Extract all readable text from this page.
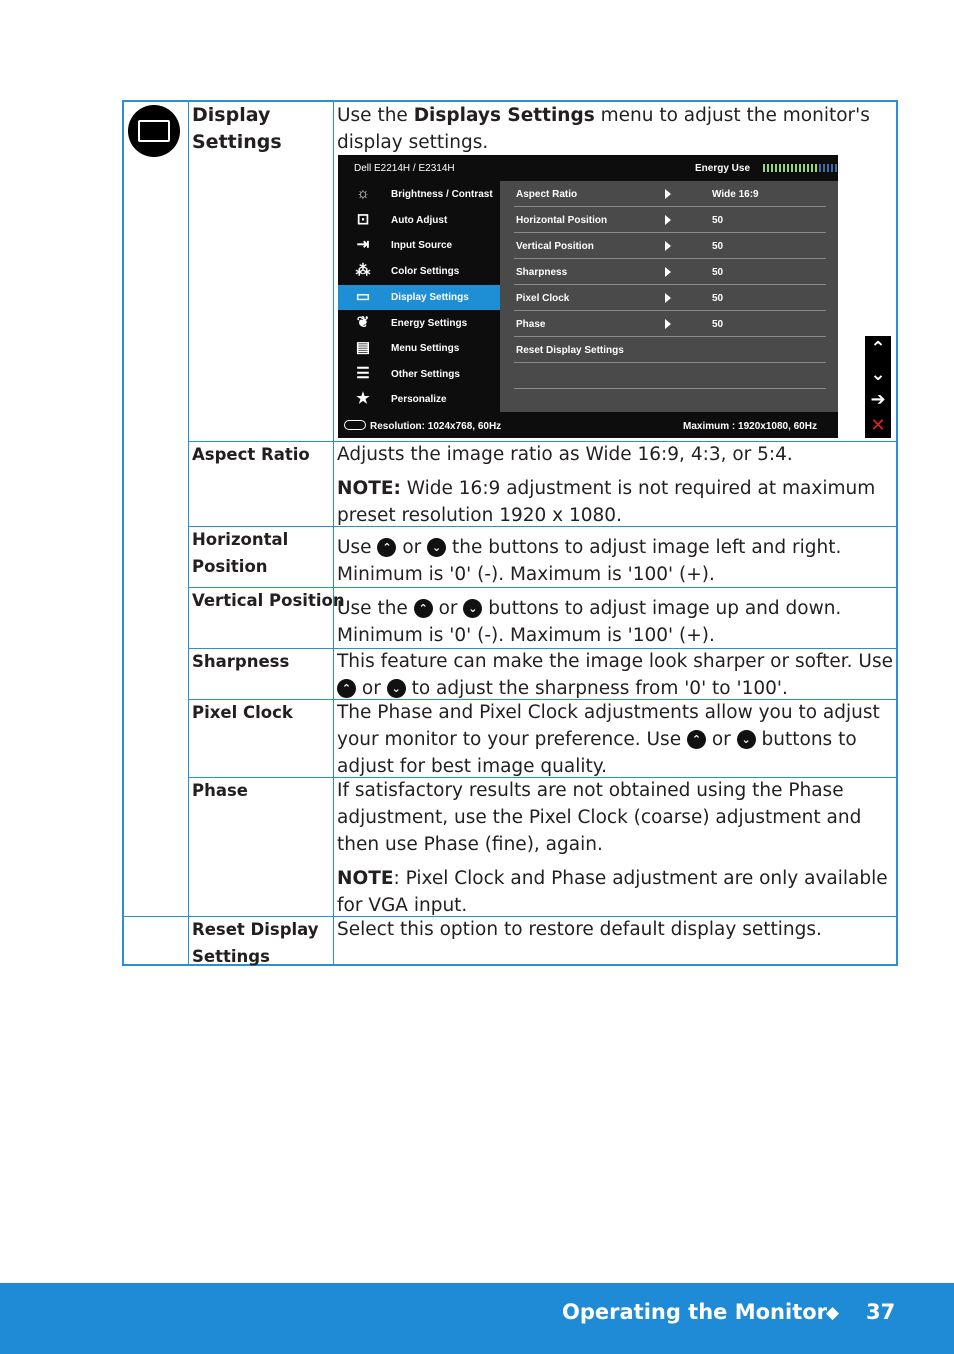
Display Settings
Use the Displays Settings menu to adjust the monitor's display settings.
Dell E2214H / E2314H	Energy Use
☼	Brightness / Contrast
⊡	Auto Adjust
⇥	Input Source
⁂	Color Settings
▭	Display Settings
❦	Energy Settings
▤	Menu Settings
☰	Other Settings
★	Personalize
Aspect Ratio	Wide 16:9
Horizontal Position	50
Vertical Position	50
Sharpness	50
Pixel Clock	50
Phase	50
Reset Display Settings
Resolution: 1024x768, 60Hz	Maximum : 1920x1080, 60Hz
⌃
⌄
➔
✕
Aspect Ratio	Adjusts the image ratio as Wide 16:9, 4:3, or 5:4.
NOTE: Wide 16:9 adjustment is not required at maximum preset resolution 1920 x 1080.
Horizontal Position
Use ⌃ or ⌄ the buttons to adjust image left and right. Minimum is '0' (-). Maximum is '100' (+).
Vertical Position
Use the ⌃ or ⌄ buttons to adjust image up and down. Minimum is '0' (-). Maximum is '100' (+).
Sharpness	This feature can make the image look sharper or softer. Use ⌃ or ⌄ to adjust the sharpness from '0' to '100'.
Pixel Clock	The Phase and Pixel Clock adjustments allow you to adjust your monitor to your preference. Use ⌃ or ⌄ buttons to adjust for best image quality.
Phase	If satisfactory results are not obtained using the Phase adjustment, use the Pixel Clock (coarse) adjustment and then use Phase (fine), again.
NOTE: Pixel Clock and Phase adjustment are only available for VGA input.
Reset Display Settings
Select this option to restore default display settings.
Operating the Monitor
◆ 37
